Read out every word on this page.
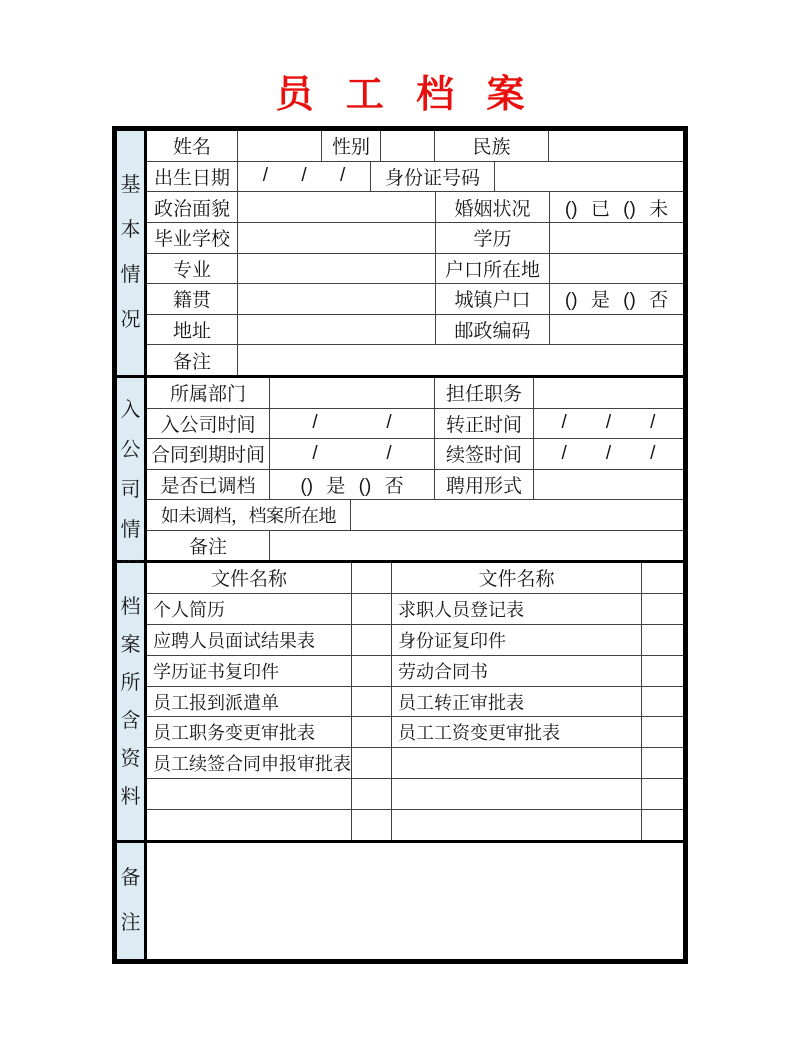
员工档案
基
本
情
况
姓名	性别	民族
出生日期	/ / /	身份证号码
政治面貌	婚姻状况	() 已 () 未
毕业学校	学历
专业	户口所在地
籍贯	城镇户口	() 是 () 否
地址	邮政编码
备注
入
公
司
情
所属部门	担任职务
入公司时间	/	/	转正时间	/ / /
合同到期时间 /	/	续签时间	/ / /
是否已调档	() 是 () 否	聘用形式
如未调档，档案所在地
备注
档
案
所
含
资
料
文件名称	文件名称
个人简历	求职人员登记表
应聘人员面试结果表	身份证复印件
学历证书复印件	劳动合同书
员工报到派遣单	员工转正审批表
员工职务变更审批表	员工工资变更审批表
员工续签合同申报审批表
备
注
